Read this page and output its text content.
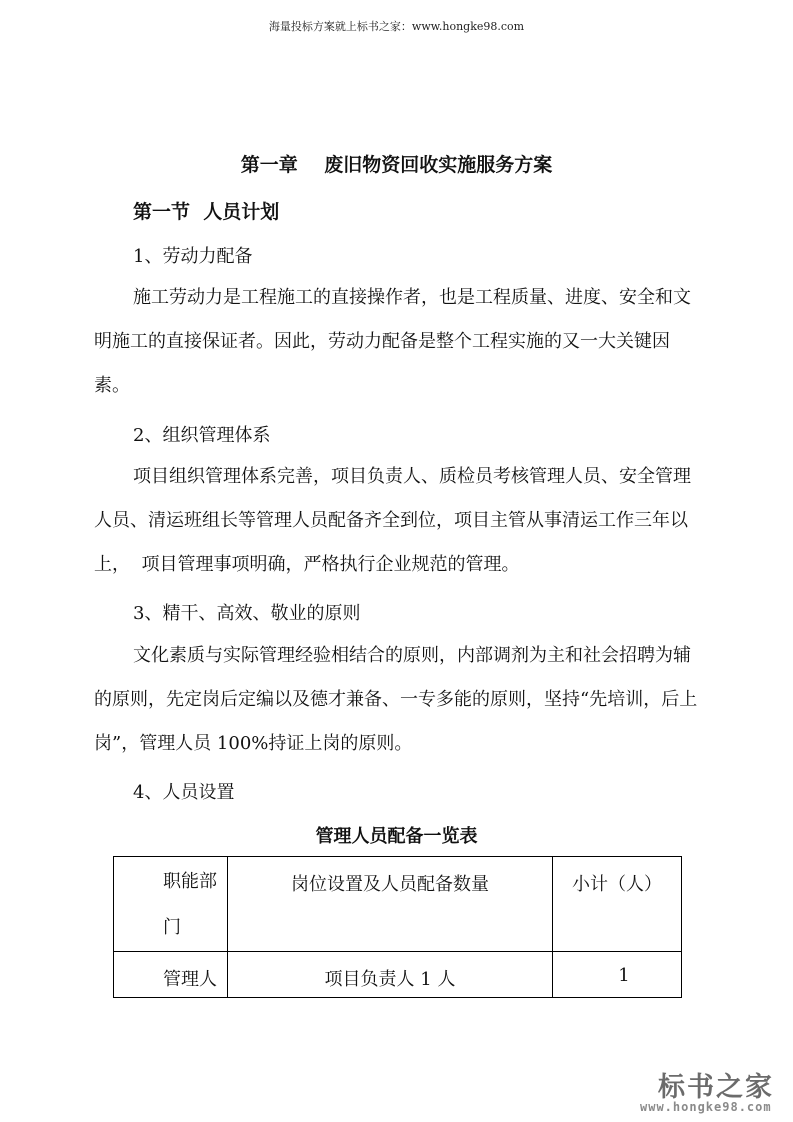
海量投标方案就上标书之家：www.hongke98.com
第一章    废旧物资回收实施服务方案
第一节  人员计划
1、劳动力配备
施工劳动力是工程施工的直接操作者，也是工程质量、进度、安全和文明施工的直接保证者。因此，劳动力配备是整个工程实施的又一大关键因素。
2、组织管理体系
项目组织管理体系完善，项目负责人、质检员考核管理人员、安全管理人员、清运班组长等管理人员配备齐全到位，项目主管从事清运工作三年以上，  项目管理事项明确，严格执行企业规范的管理。
3、精干、高效、敬业的原则
文化素质与实际管理经验相结合的原则，内部调剂为主和社会招聘为辅的原则，先定岗后定编以及德才兼备、一专多能的原则，坚持“先培训，后上岗”，管理人员 100%持证上岗的原则。
4、人员设置
管理人员配备一览表
职能部门	岗位设置及人员配备数量	小计（人）
管理人	项目负责人 1 人	1
标书之家
www.hongke98.com
